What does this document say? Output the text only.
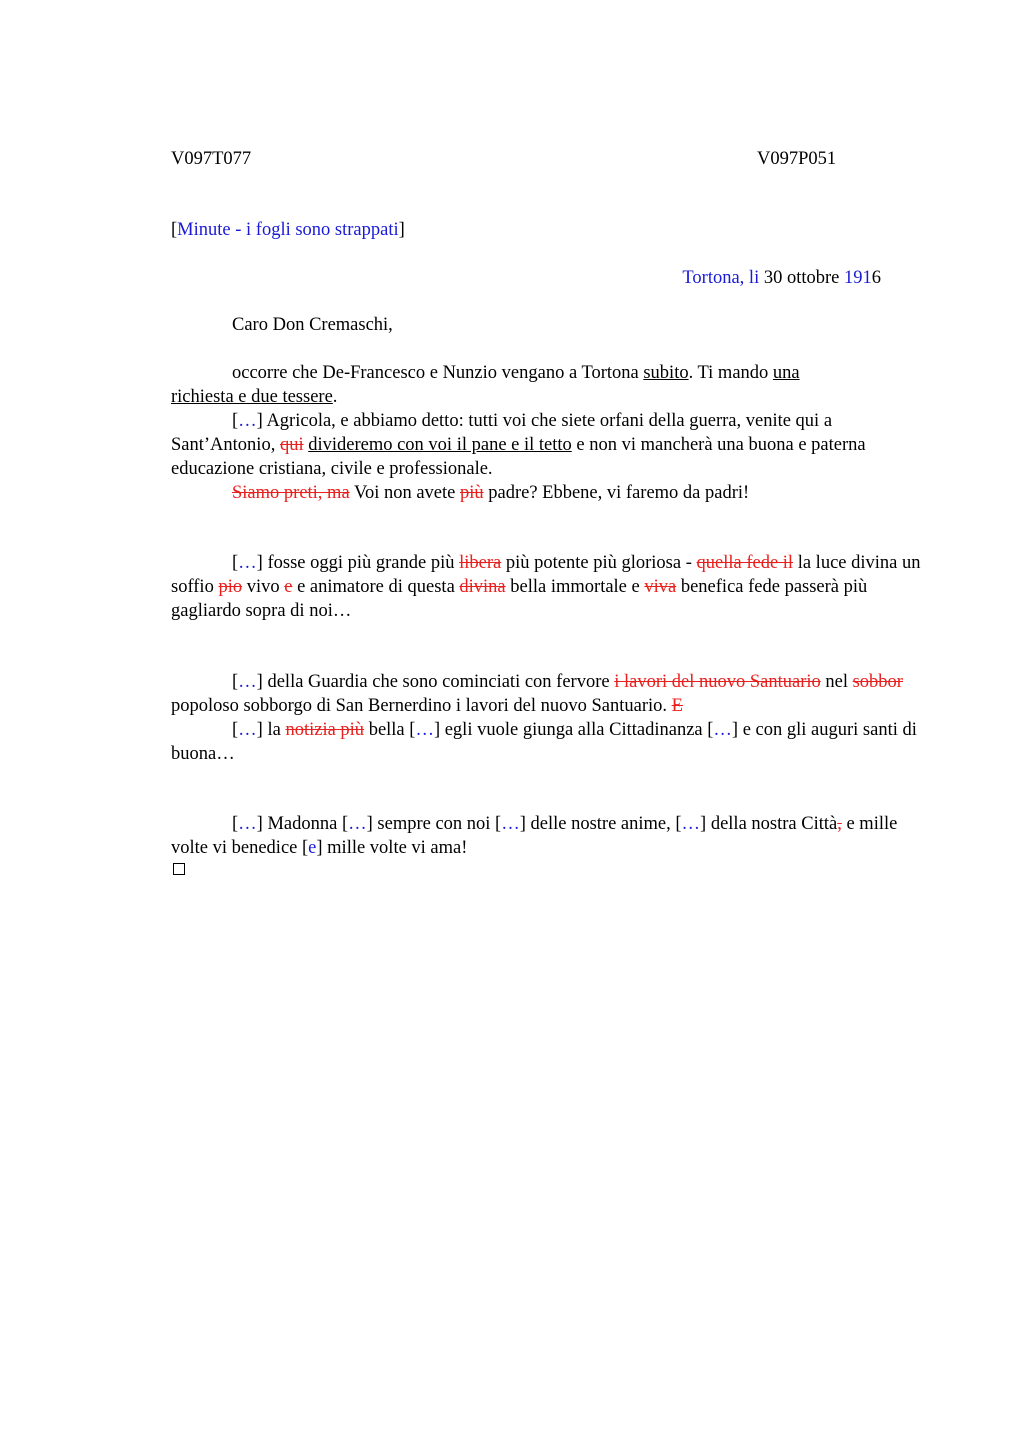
V097T077	V097P051
[Minute - i fogli sono strappati]
Tortona, li 30 ottobre 1916

Caro Don Cremaschi,

occorre che De-Francesco e Nunzio vengano a Tortona subito. Ti mando una
richiesta e due tessere.

[…] Agricola, e abbiamo detto: tutti voi che siete orfani della guerra, venite qui a Sant’Antonio, qui divideremo con voi il pane e il tetto e non vi mancherà una buona e paterna educazione cristiana, civile e professionale.

Siamo preti, ma Voi non avete più padre? Ebbene, vi faremo da padri!

[…] fosse oggi più grande più libera più potente più gloriosa - quella fede il la luce divina un soffio pio vivo e e animatore di questa divina bella immortale e viva benefica fede passerà più gagliardo sopra di noi…

[…] della Guardia che sono cominciati con fervore i lavori del nuovo Santuario nel sobbor popoloso sobborgo di San Bernerdino i lavori del nuovo Santuario. E

[…] la notizia più bella […] egli vuole giunga alla Cittadinanza […] e con gli auguri santi di buona…

[…] Madonna […] sempre con noi […] delle nostre anime, […] della nostra Città, e mille volte vi benedice [e] mille volte vi ama!
